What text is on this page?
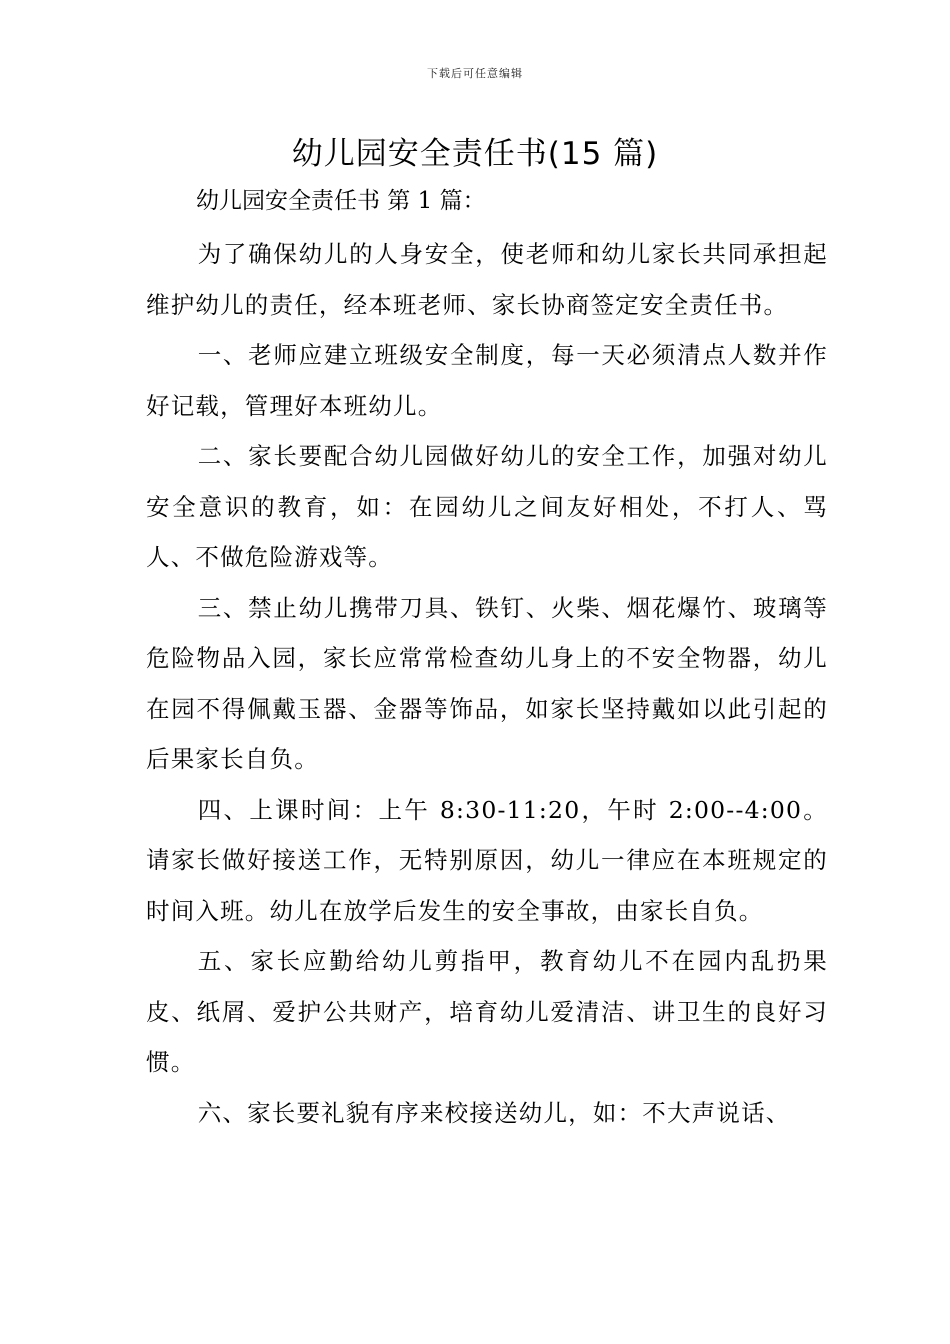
下载后可任意编辑
幼儿园安全责任书(15 篇)
幼儿园安全责任书 第 1 篇：

为了确保幼儿的人身安全，使老师和幼儿家长共同承担起维护幼儿的责任，经本班老师、家长协商签定安全责任书。

一、老师应建立班级安全制度，每一天必须清点人数并作好记载，管理好本班幼儿。

二、家长要配合幼儿园做好幼儿的安全工作，加强对幼儿安全意识的教育，如：在园幼儿之间友好相处，不打人、骂人、不做危险游戏等。

三、禁止幼儿携带刀具、铁钉、火柴、烟花爆竹、玻璃等危险物品入园，家长应常常检查幼儿身上的不安全物器，幼儿在园不得佩戴玉器、金器等饰品，如家长坚持戴如以此引起的后果家长自负。

四、上课时间：上午 8:30-11:20，午时 2:00--4:00。请家长做好接送工作，无特别原因，幼儿一律应在本班规定的时间入班。幼儿在放学后发生的安全事故，由家长自负。

五、家长应勤给幼儿剪指甲，教育幼儿不在园内乱扔果皮、纸屑、爱护公共财产，培育幼儿爱清洁、讲卫生的良好习惯。

六、家长要礼貌有序来校接送幼儿，如：不大声说话、
